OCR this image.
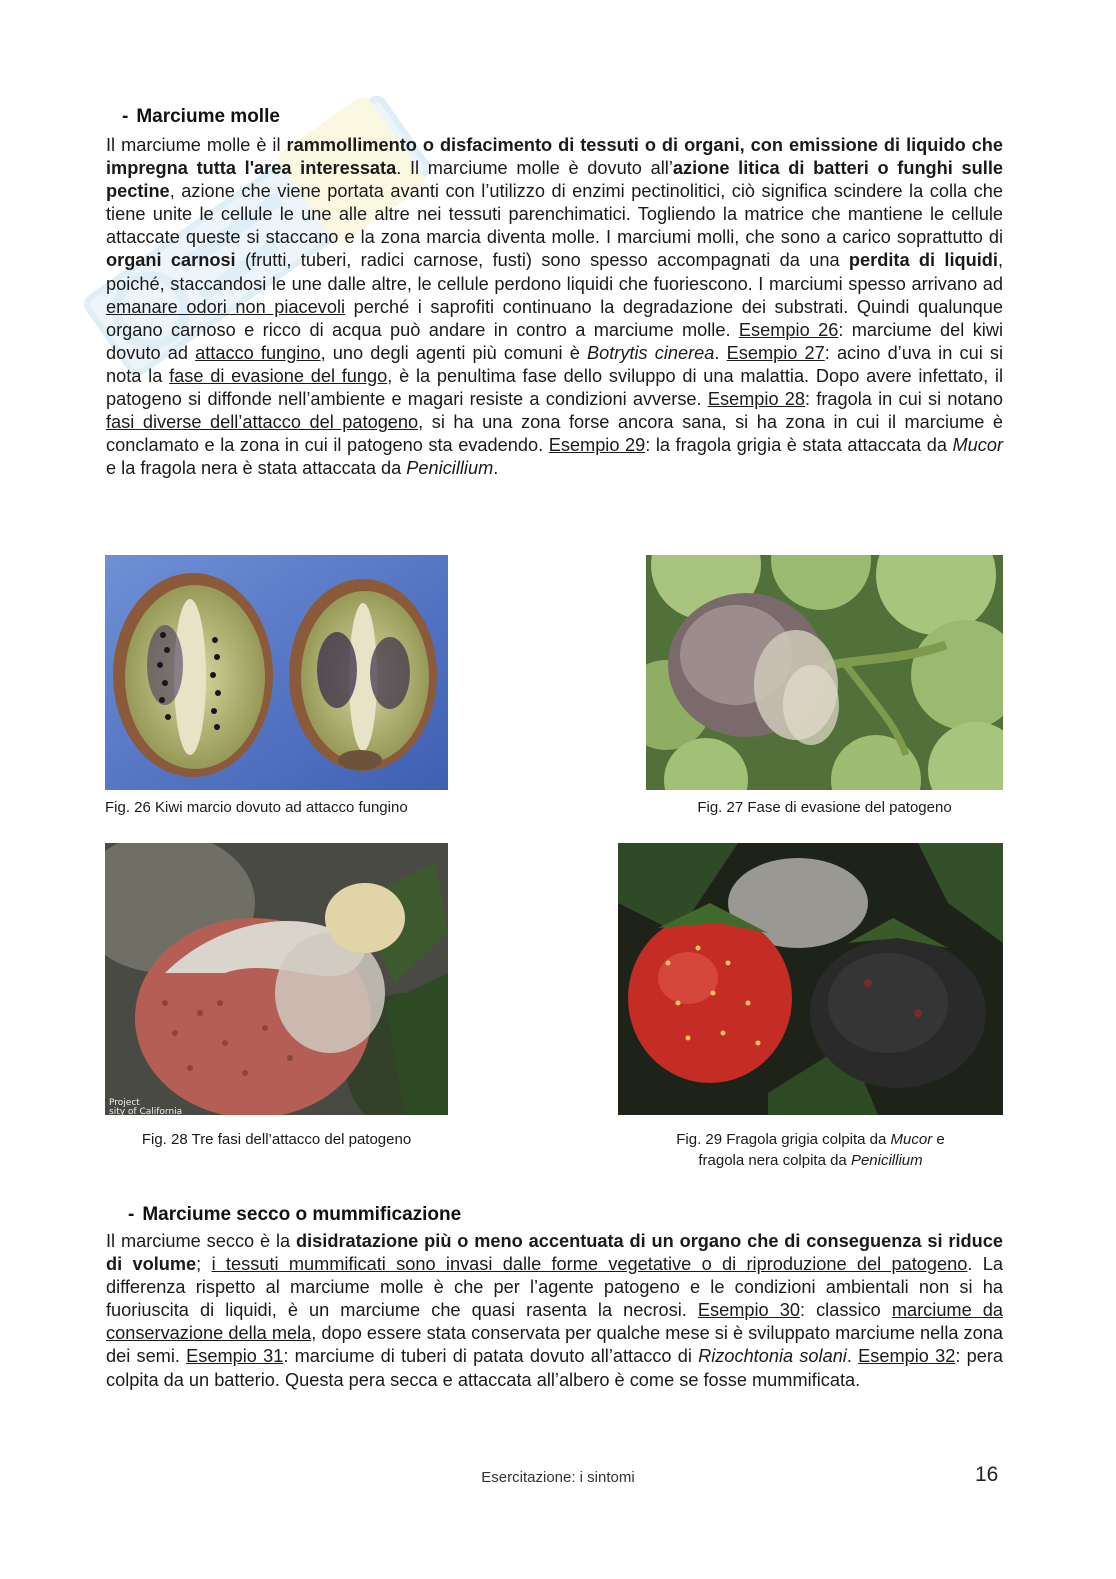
- Marciume molle
Il marciume molle è il rammollimento o disfacimento di tessuti o di organi, con emissione di liquido che impregna tutta l'area interessata. Il marciume molle è dovuto all’azione litica di batteri o funghi sulle pectine, azione che viene portata avanti con l’utilizzo di enzimi pectinolitici, ciò significa scindere la colla che tiene unite le cellule le une alle altre nei tessuti parenchimatici. Togliendo la matrice che mantiene le cellule attaccate queste si staccano e la zona marcia diventa molle. I marciumi molli, che sono a carico soprattutto di organi carnosi (frutti, tuberi, radici carnose, fusti) sono spesso accompagnati da una perdita di liquidi, poiché, staccandosi le une dalle altre, le cellule perdono liquidi che fuoriescono. I marciumi spesso arrivano ad emanare odori non piacevoli perché i saprofiti continuano la degradazione dei substrati. Quindi qualunque organo carnoso e ricco di acqua può andare in contro a marciume molle. Esempio 26: marciume del kiwi dovuto ad attacco fungino, uno degli agenti più comuni è Botrytis cinerea. Esempio 27: acino d’uva in cui si nota la fase di evasione del fungo, è la penultima fase dello sviluppo di una malattia. Dopo avere infettato, il patogeno si diffonde nell’ambiente e magari resiste a condizioni avverse. Esempio 28: fragola in cui si notano fasi diverse dell’attacco del patogeno, si ha una zona forse ancora sana, si ha zona in cui il marciume è conclamato e la zona in cui il patogeno sta evadendo. Esempio 29: la fragola grigia è stata attaccata da Mucor e la fragola nera è stata attaccata da Penicillium.
Fig. 26 Kiwi marcio dovuto ad attacco fungino	Fig. 27 Fase di evasione del patogeno
Project
sity of California
Fig. 28 Tre fasi dell’attacco del patogeno	Fig. 29 Fragola grigia colpita da Mucor e
fragola nera colpita da Penicillium
- Marciume secco o mummificazione
Il marciume secco è la disidratazione più o meno accentuata di un organo che di conseguenza si riduce di volume; i tessuti mummificati sono invasi dalle forme vegetative o di riproduzione del patogeno. La differenza rispetto al marciume molle è che per l’agente patogeno e le condizioni ambientali non si ha fuoriuscita di liquidi, è un marciume che quasi rasenta la necrosi. Esempio 30: classico marciume da conservazione della mela, dopo essere stata conservata per qualche mese si è sviluppato marciume nella zona dei semi. Esempio 31: marciume di tuberi di patata dovuto all’attacco di Rizochtonia solani. Esempio 32: pera colpita da un batterio. Questa pera secca e attaccata all’albero è come se fosse mummificata.
Esercitazione: i sintomi	16
